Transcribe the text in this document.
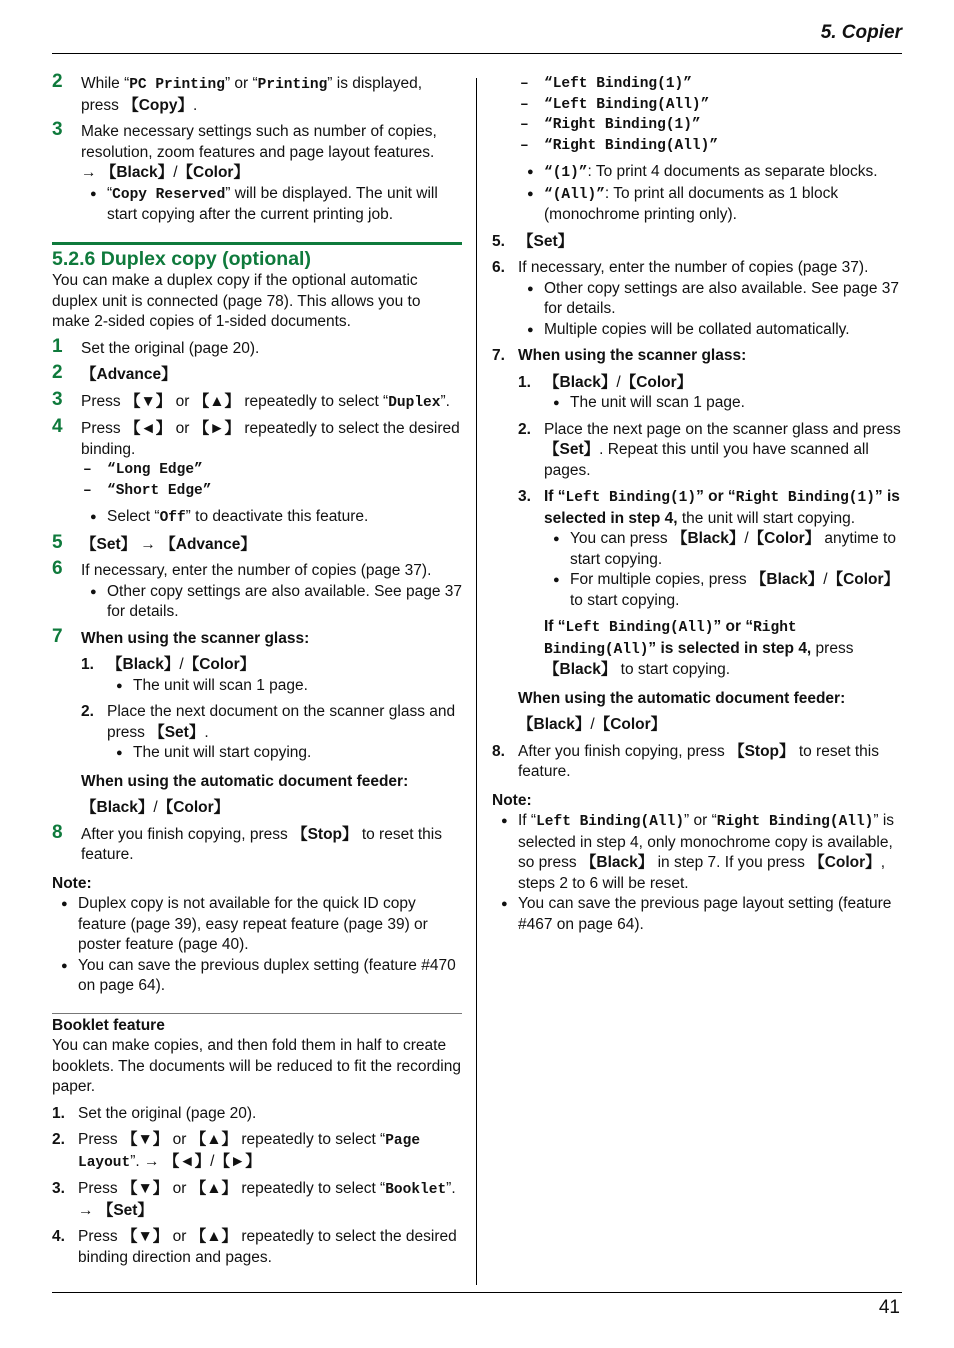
5. Copier
2 While “PC Printing” or “Printing” is displayed, press 【Copy】.
3 Make necessary settings such as number of copies, resolution, zoom features and page layout features.
→ 【Black】/【Color】
● “Copy Reserved” will be displayed. The unit will start copying after the current printing job.
5.2.6 Duplex copy (optional)
You can make a duplex copy if the optional automatic duplex unit is connected (page 78). This allows you to make 2-sided copies of 1-sided documents.
1 Set the original (page 20).
2 【Advance】
3 Press 【▼】 or 【▲】 repeatedly to select “Duplex”.
4 Press 【◄】 or 【►】 repeatedly to select the desired binding.
– “Long Edge”
– “Short Edge”
● Select “Off” to deactivate this feature.
5 【Set】 → 【Advance】
6 If necessary, enter the number of copies (page 37).
● Other copy settings are also available. See page 37 for details.
7 When using the scanner glass:
1. 【Black】/【Color】
● The unit will scan 1 page.
2. Place the next document on the scanner glass and press 【Set】.
● The unit will start copying.
When using the automatic document feeder:
【Black】/【Color】
8 After you finish copying, press 【Stop】 to reset this feature.
Note:
● Duplex copy is not available for the quick ID copy feature (page 39), easy repeat feature (page 39) or poster feature (page 40).
● You can save the previous duplex setting (feature #470 on page 64).
Booklet feature
You can make copies, and then fold them in half to create booklets. The documents will be reduced to fit the recording paper.
1. Set the original (page 20).
2. Press 【▼】 or 【▲】 repeatedly to select “Page Layout”. → 【◄】/【►】
3. Press 【▼】 or 【▲】 repeatedly to select “Booklet”.
→ 【Set】
4. Press 【▼】 or 【▲】 repeatedly to select the desired binding direction and pages.
– “Left Binding(1)”
– “Left Binding(All)”
– “Right Binding(1)”
– “Right Binding(All)”
● “(1)”: To print 4 documents as separate blocks.
● “(All)”: To print all documents as 1 block (monochrome printing only).
5. 【Set】
6. If necessary, enter the number of copies (page 37).
● Other copy settings are also available. See page 37 for details.
● Multiple copies will be collated automatically.
7. When using the scanner glass:
1. 【Black】/【Color】
● The unit will scan 1 page.
2. Place the next page on the scanner glass and press 【Set】. Repeat this until you have scanned all pages.
3. If “Left Binding(1)” or “Right Binding(1)” is selected in step 4, the unit will start copying.
● You can press 【Black】/【Color】 anytime to start copying.
● For multiple copies, press 【Black】/【Color】 to start copying.
If “Left Binding(All)” or “Right Binding(All)” is selected in step 4, press 【Black】 to start copying.
When using the automatic document feeder:
【Black】/【Color】
8. After you finish copying, press 【Stop】 to reset this feature.
Note:
● If “Left Binding(All)” or “Right Binding(All)” is selected in step 4, only monochrome copy is available, so press 【Black】 in step 7. If you press 【Color】, steps 2 to 6 will be reset.
● You can save the previous page layout setting (feature #467 on page 64).
41
